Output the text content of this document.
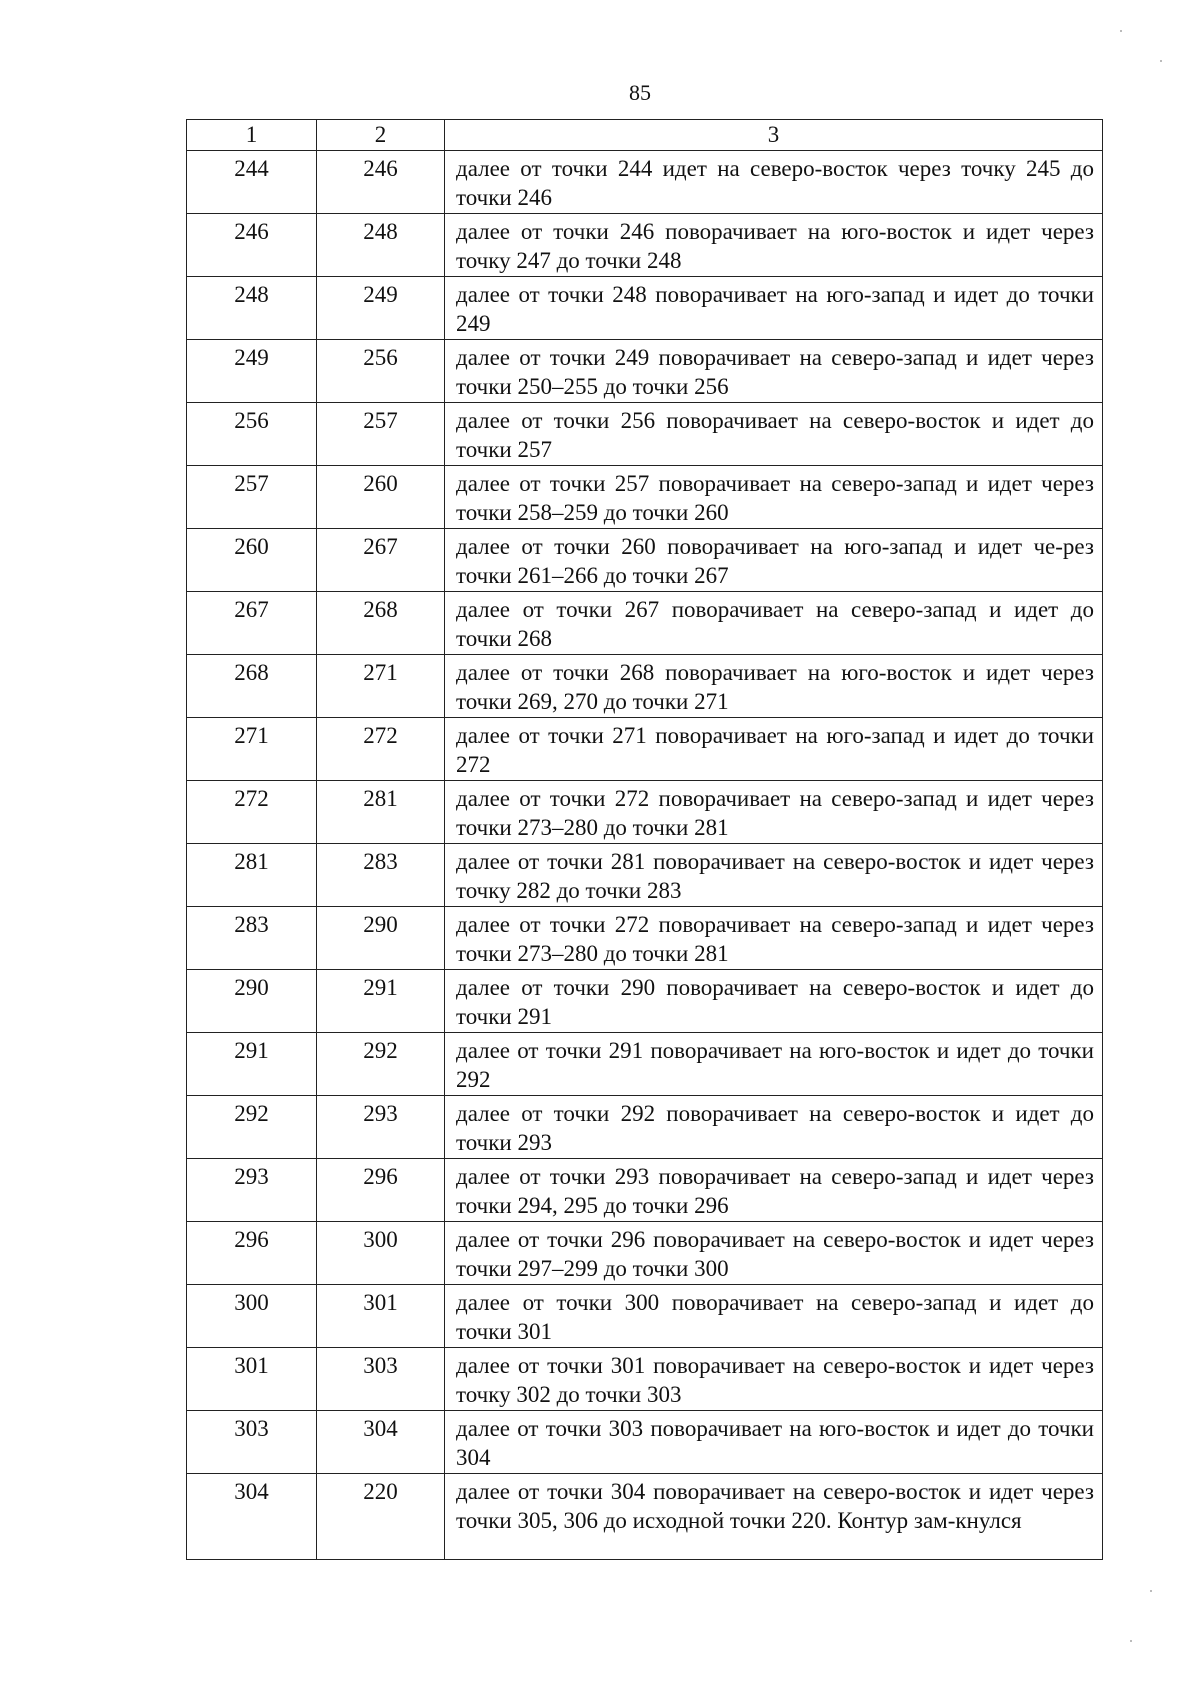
85
1	2	3
244	246	далее от точки 244 идет на северо-восток через точку 245 до точки 246
246	248	далее от точки 246 поворачивает на юго-восток и идет через точку 247 до точки 248
248	249	далее от точки 248 поворачивает на юго-запад и идет до точки 249
249	256	далее от точки 249 поворачивает на северо-запад и идет через точки 250–255 до точки 256
256	257	далее от точки 256 поворачивает на северо-восток и идет до точки 257
257	260	далее от точки 257 поворачивает на северо-запад и идет через точки 258–259 до точки 260
260	267	далее от точки 260 поворачивает на юго-запад и идет че-рез точки 261–266 до точки 267
267	268	далее от точки 267 поворачивает на северо-запад и идет до точки 268
268	271	далее от точки 268 поворачивает на юго-восток и идет через точки 269, 270 до точки 271
271	272	далее от точки 271 поворачивает на юго-запад и идет до точки 272
272	281	далее от точки 272 поворачивает на северо-запад и идет через точки 273–280 до точки 281
281	283	далее от точки 281 поворачивает на северо-восток и идет через точку 282 до точки 283
283	290	далее от точки 272 поворачивает на северо-запад и идет через точки 273–280 до точки 281
290	291	далее от точки 290 поворачивает на северо-восток и идет до точки 291
291	292	далее от точки 291 поворачивает на юго-восток и идет до точки 292
292	293	далее от точки 292 поворачивает на северо-восток и идет до точки 293
293	296	далее от точки 293 поворачивает на северо-запад и идет через точки 294, 295 до точки 296
296	300	далее от точки 296 поворачивает на северо-восток и идет через точки 297–299 до точки 300
300	301	далее от точки 300 поворачивает на северо-запад и идет до точки 301
301	303	далее от точки 301 поворачивает на северо-восток и идет через точку 302 до точки 303
303	304	далее от точки 303 поворачивает на юго-восток и идет до точки 304
304	220	далее от точки 304 поворачивает на северо-восток и идет через точки 305, 306 до исходной точки 220. Контур зам-кнулся
